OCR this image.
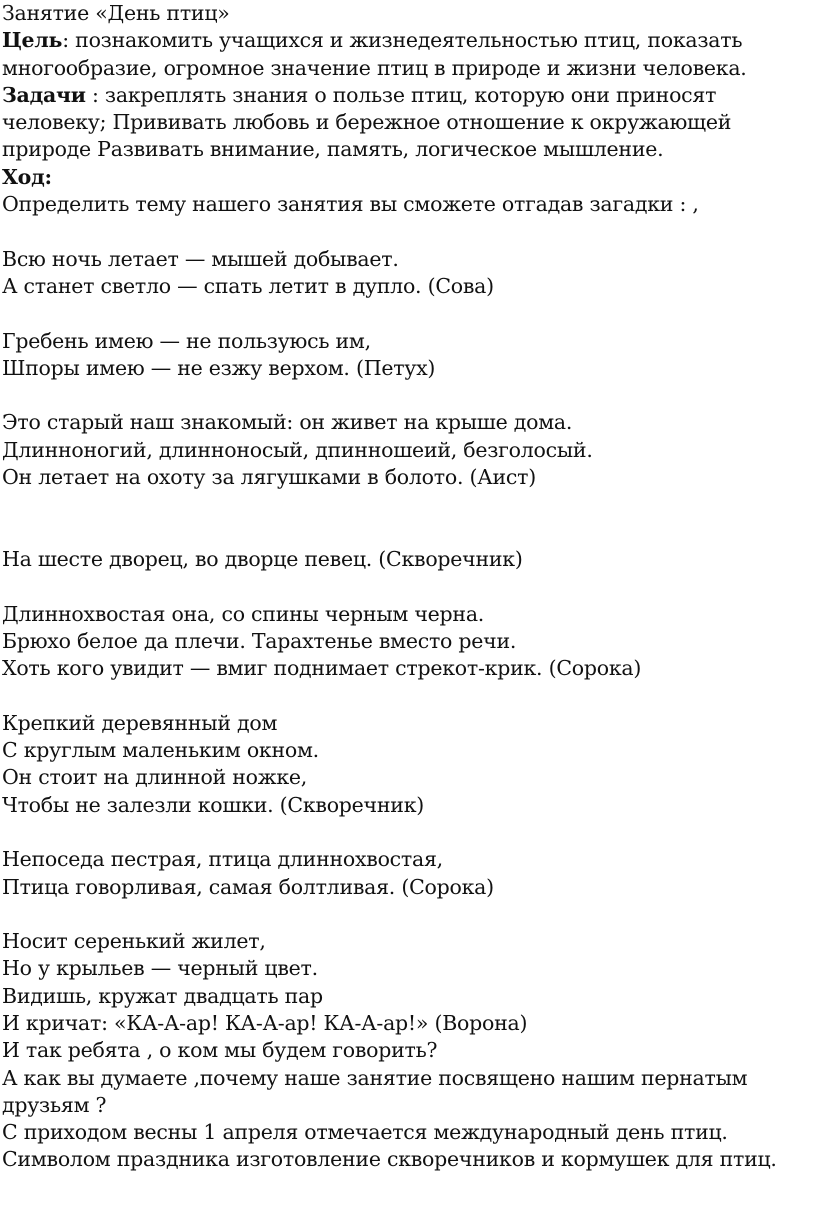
Занятие «День птиц»
Цель: познакомить учащихся и жизнедеятельностью птиц, показать многообразие, огромное значение птиц в природе и жизни человека.
Задачи : закреплять знания о пользе птиц, которую они приносят человеку; Прививать любовь и бережное отношение к окружающей природе Развивать внимание, память, логическое мышление.
Ход:
Определить тему нашего занятия вы сможете отгадав загадки : ,
Всю ночь летает — мышей добывает.
А станет светло — спать летит в дупло. (Сова)
Гребень имею — не пользуюсь им,
Шпоры имею — не езжу верхом. (Петух)
Это старый наш знакомый: он живет на крыше дома.
Длинноногий, длинноносый, дпинношеий, безголосый.
Он летает на охоту за лягушками в болото. (Аист)
На шесте дворец, во дворце певец. (Скворечник)
Длиннохвостая она, со спины черным черна.
Брюхо белое да плечи. Тарахтенье вместо речи.
Хоть кого увидит — вмиг поднимает стрекот-крик. (Сорока)
Крепкий деревянный дом
С круглым маленьким окном.
Он стоит на длинной ножке,
Чтобы не залезли кошки. (Скворечник)
Непоседа пестрая, птица длиннохвостая,
Птица говорливая, самая болтливая. (Сорока)
Носит серенький жилет,
Но у крыльев — черный цвет.
Видишь, кружат двадцать пар
И кричат: «КА-А-ар! КА-А-ар! КА-А-ар!» (Ворона)
И так ребята , о ком мы будем говорить?
А как вы думаете ,почему наше занятие посвящено нашим пернатым друзьям ?
С приходом весны 1 апреля отмечается международный день птиц.
Символом праздника изготовление скворечников и кормушек для птиц.
